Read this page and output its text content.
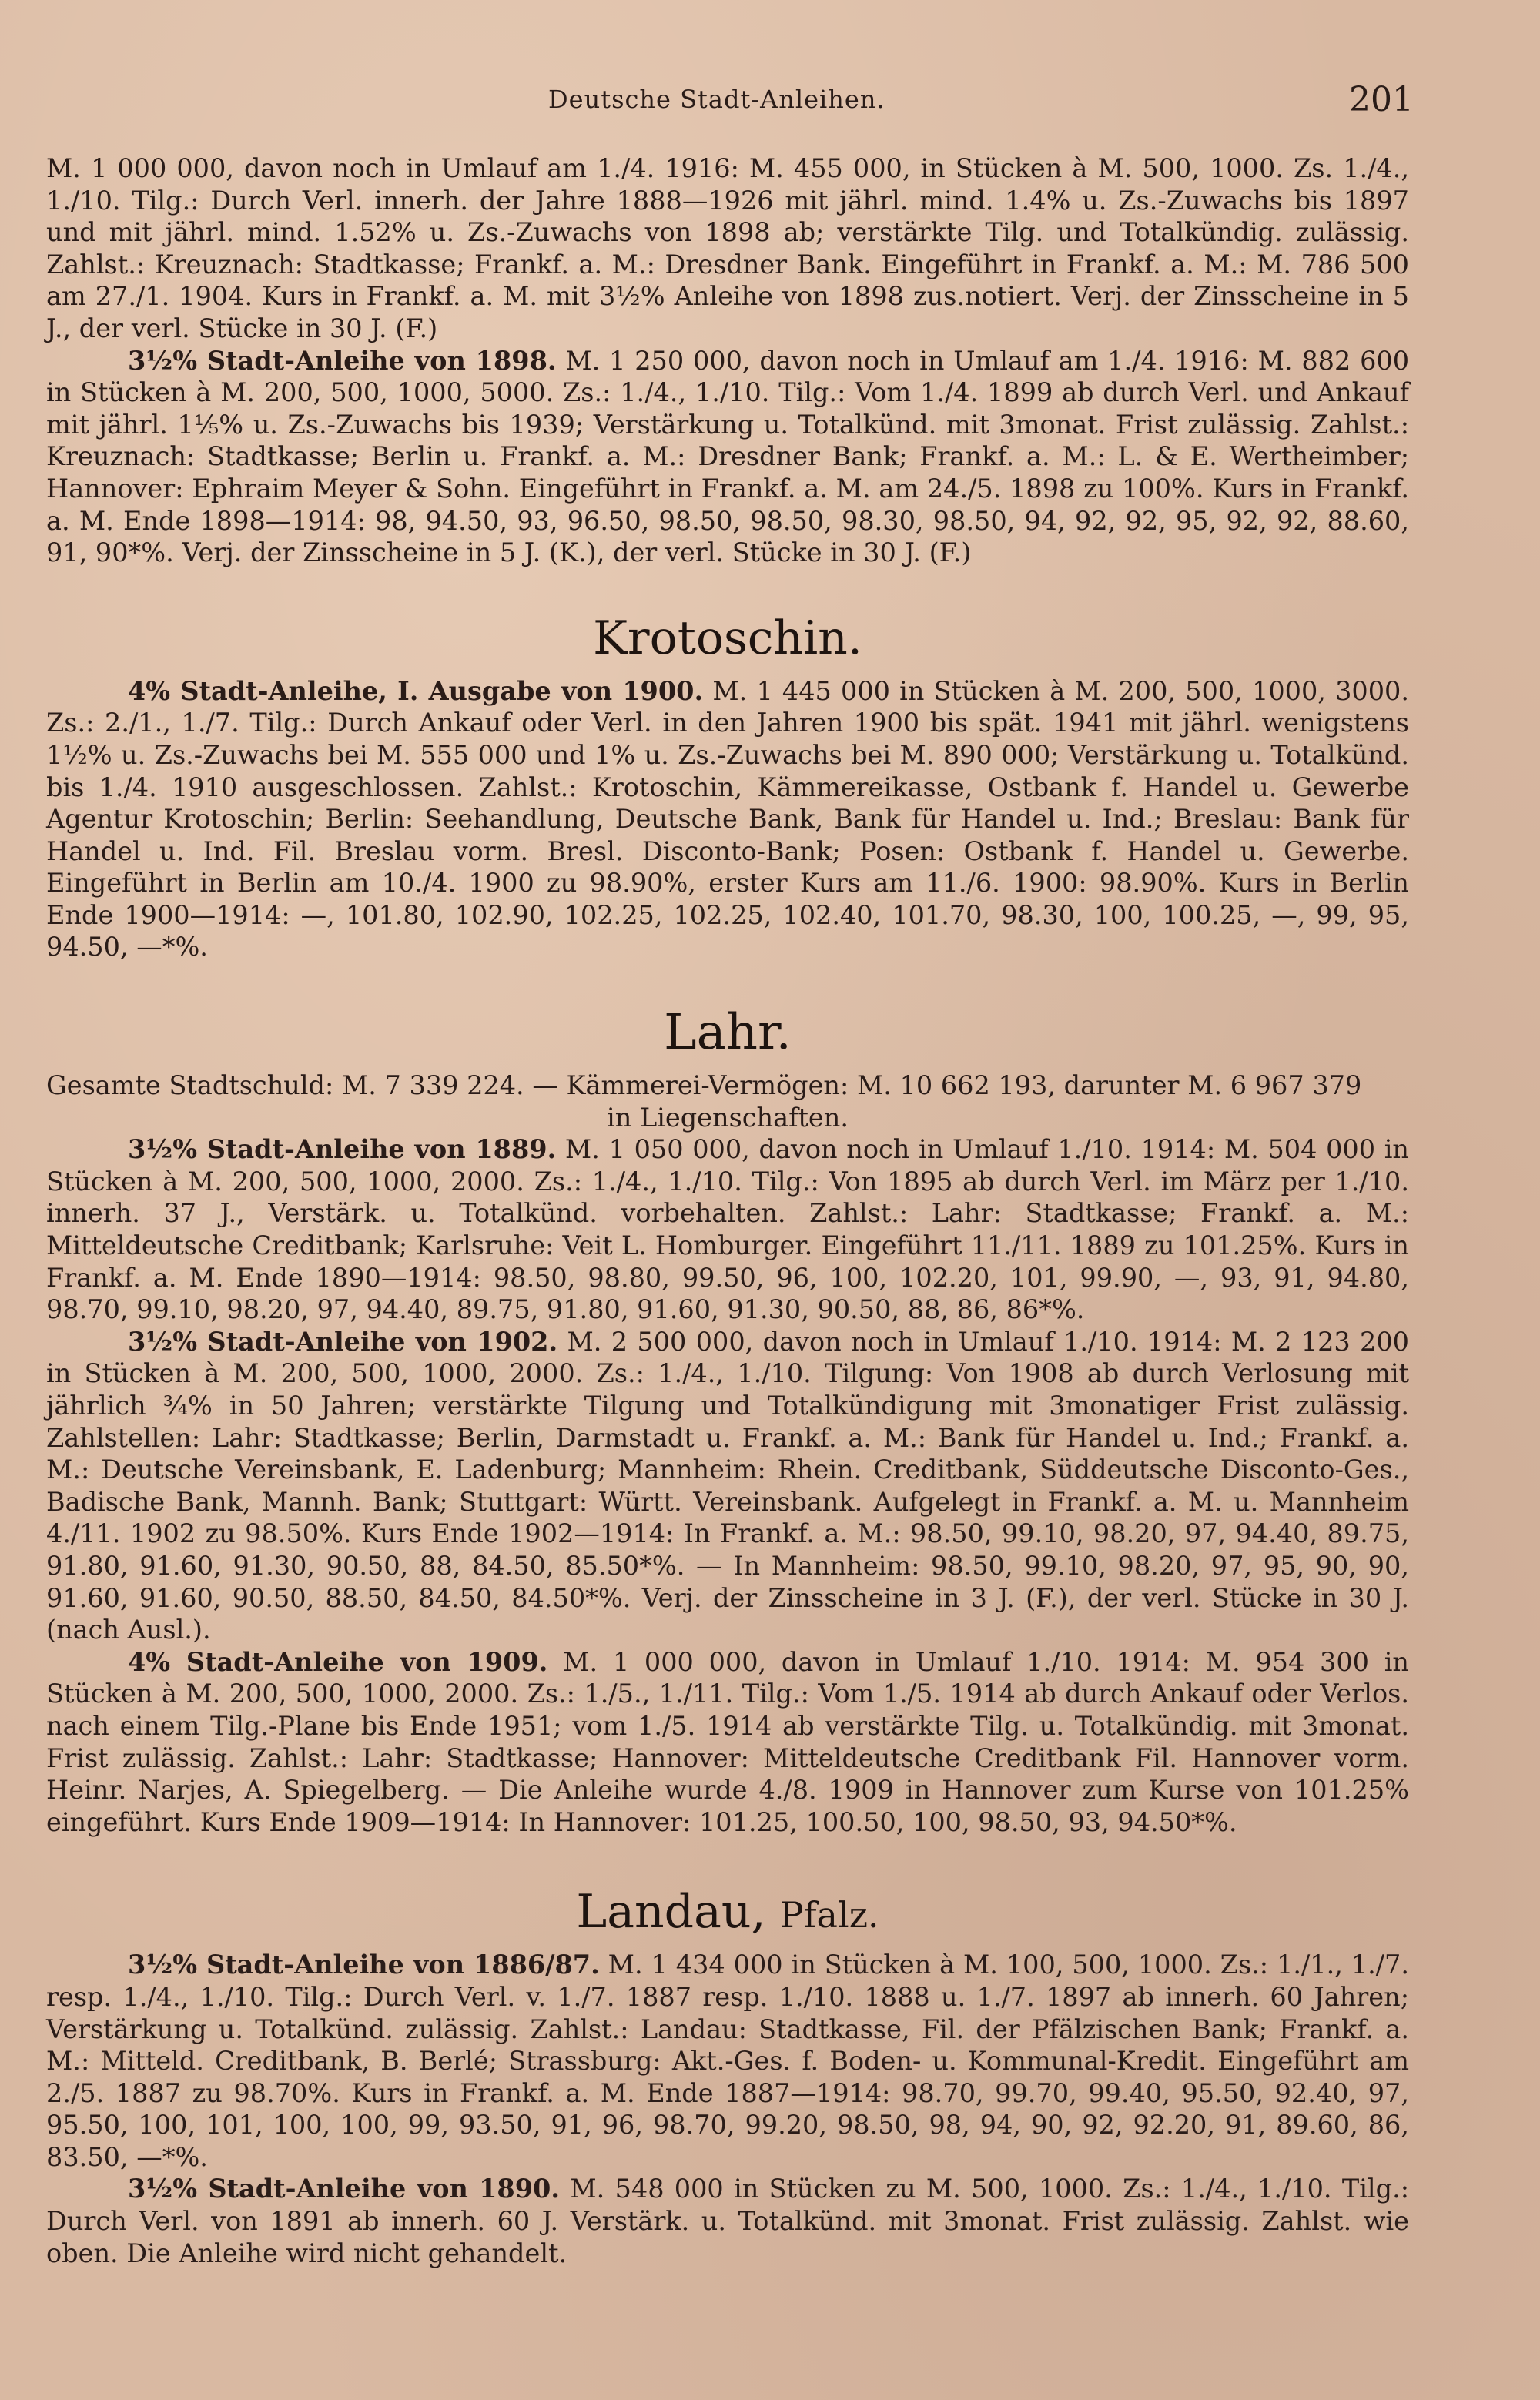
Deutsche Stadt-Anleihen.	201

M. 1 000 000, davon noch in Umlauf am 1./4. 1916: M. 455 000, in Stücken à M. 500, 1000. Zs. 1./4., 1./10. Tilg.: Durch Verl. innerh. der Jahre 1888—1926 mit jährl. mind. 1.4% u. Zs.-Zuwachs bis 1897 und mit jährl. mind. 1.52% u. Zs.-Zuwachs von 1898 ab; verstärkte Tilg. und Totalkündig. zulässig. Zahlst.: Kreuznach: Stadtkasse; Frankf. a. M.: Dresdner Bank. Eingeführt in Frankf. a. M.: M. 786 500 am 27./1. 1904. Kurs in Frankf. a. M. mit 3½% Anleihe von 1898 zus.notiert. Verj. der Zinsscheine in 5 J., der verl. Stücke in 30 J. (F.)

3½% Stadt-Anleihe von 1898. M. 1 250 000, davon noch in Umlauf am 1./4. 1916: M. 882 600 in Stücken à M. 200, 500, 1000, 5000. Zs.: 1./4., 1./10. Tilg.: Vom 1./4. 1899 ab durch Verl. und Ankauf mit jährl. 1⅕% u. Zs.-Zuwachs bis 1939; Verstärkung u. Totalkünd. mit 3monat. Frist zulässig. Zahlst.: Kreuznach: Stadtkasse; Berlin u. Frankf. a. M.: Dresdner Bank; Frankf. a. M.: L. & E. Wertheimber; Hannover: Ephraim Meyer & Sohn. Eingeführt in Frankf. a. M. am 24./5. 1898 zu 100%. Kurs in Frankf. a. M. Ende 1898—1914: 98, 94.50, 93, 96.50, 98.50, 98.50, 98.30, 98.50, 94, 92, 92, 95, 92, 92, 88.60, 91, 90*%. Verj. der Zinsscheine in 5 J. (K.), der verl. Stücke in 30 J. (F.)

Krotoschin.

4% Stadt-Anleihe, I. Ausgabe von 1900. M. 1 445 000 in Stücken à M. 200, 500, 1000, 3000. Zs.: 2./1., 1./7. Tilg.: Durch Ankauf oder Verl. in den Jahren 1900 bis spät. 1941 mit jährl. wenigstens 1½% u. Zs.-Zuwachs bei M. 555 000 und 1% u. Zs.-Zuwachs bei M. 890 000; Verstärkung u. Totalkünd. bis 1./4. 1910 ausgeschlossen. Zahlst.: Krotoschin, Kämmereikasse, Ostbank f. Handel u. Gewerbe Agentur Krotoschin; Berlin: Seehandlung, Deutsche Bank, Bank für Handel u. Ind.; Breslau: Bank für Handel u. Ind. Fil. Breslau vorm. Bresl. Disconto-Bank; Posen: Ostbank f. Handel u. Gewerbe. Eingeführt in Berlin am 10./4. 1900 zu 98.90%, erster Kurs am 11./6. 1900: 98.90%. Kurs in Berlin Ende 1900—1914: —, 101.80, 102.90, 102.25, 102.25, 102.40, 101.70, 98.30, 100, 100.25, —, 99, 95, 94.50, —*%.

Lahr.

Gesamte Stadtschuld: M. 7 339 224. — Kämmerei-Vermögen: M. 10 662 193, darunter M. 6 967 379

in Liegenschaften.

3½% Stadt-Anleihe von 1889. M. 1 050 000, davon noch in Umlauf 1./10. 1914: M. 504 000 in Stücken à M. 200, 500, 1000, 2000. Zs.: 1./4., 1./10. Tilg.: Von 1895 ab durch Verl. im März per 1./10. innerh. 37 J., Verstärk. u. Totalkünd. vorbehalten. Zahlst.: Lahr: Stadtkasse; Frankf. a. M.: Mitteldeutsche Creditbank; Karlsruhe: Veit L. Homburger. Eingeführt 11./11. 1889 zu 101.25%. Kurs in Frankf. a. M. Ende 1890—1914: 98.50, 98.80, 99.50, 96, 100, 102.20, 101, 99.90, —, 93, 91, 94.80, 98.70, 99.10, 98.20, 97, 94.40, 89.75, 91.80, 91.60, 91.30, 90.50, 88, 86, 86*%.

3½% Stadt-Anleihe von 1902. M. 2 500 000, davon noch in Umlauf 1./10. 1914: M. 2 123 200 in Stücken à M. 200, 500, 1000, 2000. Zs.: 1./4., 1./10. Tilgung: Von 1908 ab durch Verlosung mit jährlich ¾% in 50 Jahren; verstärkte Tilgung und Totalkündigung mit 3monatiger Frist zulässig. Zahlstellen: Lahr: Stadtkasse; Berlin, Darmstadt u. Frankf. a. M.: Bank für Handel u. Ind.; Frankf. a. M.: Deutsche Vereinsbank, E. Ladenburg; Mannheim: Rhein. Creditbank, Süddeutsche Disconto-Ges., Badische Bank, Mannh. Bank; Stuttgart: Württ. Vereinsbank. Aufgelegt in Frankf. a. M. u. Mannheim 4./11. 1902 zu 98.50%. Kurs Ende 1902—1914: In Frankf. a. M.: 98.50, 99.10, 98.20, 97, 94.40, 89.75, 91.80, 91.60, 91.30, 90.50, 88, 84.50, 85.50*%. — In Mannheim: 98.50, 99.10, 98.20, 97, 95, 90, 90, 91.60, 91.60, 90.50, 88.50, 84.50, 84.50*%. Verj. der Zinsscheine in 3 J. (F.), der verl. Stücke in 30 J. (nach Ausl.).

4% Stadt-Anleihe von 1909. M. 1 000 000, davon in Umlauf 1./10. 1914: M. 954 300 in Stücken à M. 200, 500, 1000, 2000. Zs.: 1./5., 1./11. Tilg.: Vom 1./5. 1914 ab durch Ankauf oder Verlos. nach einem Tilg.-Plane bis Ende 1951; vom 1./5. 1914 ab verstärkte Tilg. u. Totalkündig. mit 3monat. Frist zulässig. Zahlst.: Lahr: Stadtkasse; Hannover: Mitteldeutsche Creditbank Fil. Hannover vorm. Heinr. Narjes, A. Spiegelberg. — Die Anleihe wurde 4./8. 1909 in Hannover zum Kurse von 101.25% eingeführt. Kurs Ende 1909—1914: In Hannover: 101.25, 100.50, 100, 98.50, 93, 94.50*%.

Landau, Pfalz.

3½% Stadt-Anleihe von 1886/87. M. 1 434 000 in Stücken à M. 100, 500, 1000. Zs.: 1./1., 1./7. resp. 1./4., 1./10. Tilg.: Durch Verl. v. 1./7. 1887 resp. 1./10. 1888 u. 1./7. 1897 ab innerh. 60 Jahren; Verstärkung u. Totalkünd. zulässig. Zahlst.: Landau: Stadtkasse, Fil. der Pfälzischen Bank; Frankf. a. M.: Mitteld. Creditbank, B. Berlé; Strassburg: Akt.-Ges. f. Boden- u. Kommunal-Kredit. Eingeführt am 2./5. 1887 zu 98.70%. Kurs in Frankf. a. M. Ende 1887—1914: 98.70, 99.70, 99.40, 95.50, 92.40, 97, 95.50, 100, 101, 100, 100, 99, 93.50, 91, 96, 98.70, 99.20, 98.50, 98, 94, 90, 92, 92.20, 91, 89.60, 86, 83.50, —*%.

3½% Stadt-Anleihe von 1890. M. 548 000 in Stücken zu M. 500, 1000. Zs.: 1./4., 1./10. Tilg.: Durch Verl. von 1891 ab innerh. 60 J. Verstärk. u. Totalkünd. mit 3monat. Frist zulässig. Zahlst. wie oben. Die Anleihe wird nicht gehandelt.
